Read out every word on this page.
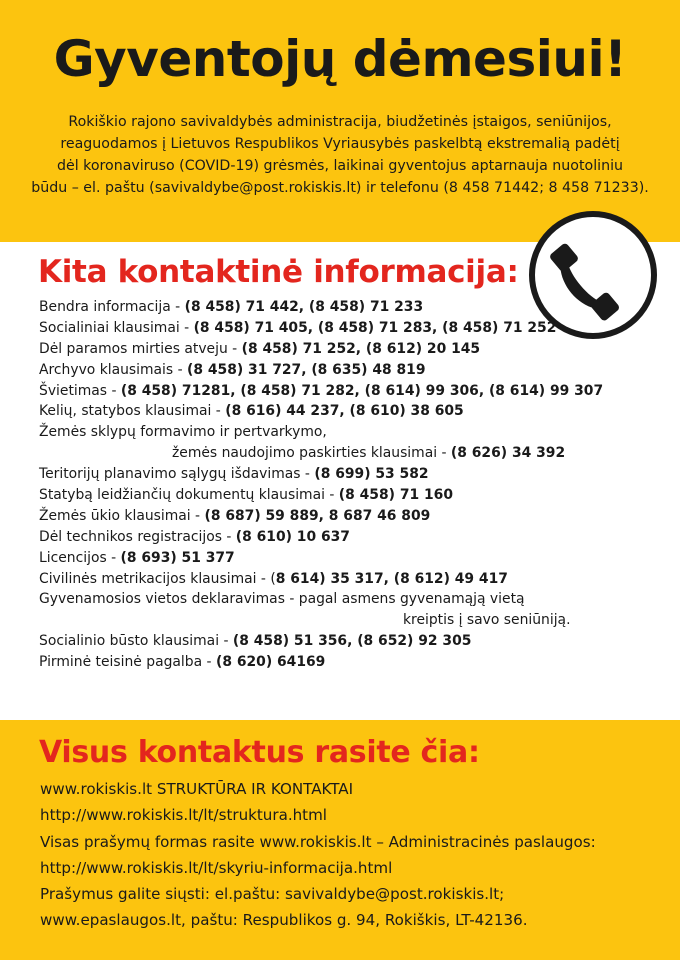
Gyventojų dėmesiui!
Rokiškio rajono savivaldybės administracija, biudžetinės įstaigos, seniūnijos,
reaguodamos į Lietuvos Respublikos Vyriausybės paskelbtą ekstremalią padėtį
dėl koronaviruso (COVID-19) grėsmės, laikinai gyventojus aptarnauja nuotoliniu
būdu – el. paštu (savivaldybe@post.rokiskis.lt) ir telefonu (8 458 71442; 8 458 71233).
Kita kontaktinė informacija:
Bendra informacija - (8 458) 71 442, (8 458) 71 233
Socialiniai klausimai - (8 458) 71 405, (8 458) 71 283, (8 458) 71 252
Dėl paramos mirties atveju - (8 458) 71 252, (8 612) 20 145
Archyvo klausimais - (8 458) 31 727, (8 635) 48 819
Švietimas - (8 458) 71281, (8 458) 71 282, (8 614) 99 306, (8 614) 99 307
Kelių, statybos klausimai - (8 616) 44 237, (8 610) 38 605
Žemės sklypų formavimo ir pertvarkymo,
žemės naudojimo paskirties klausimai - (8 626) 34 392
Teritorijų planavimo sąlygų išdavimas - (8 699) 53 582
Statybą leidžiančių dokumentų klausimai - (8 458) 71 160
Žemės ūkio klausimai - (8 687) 59 889, 8 687 46 809
Dėl technikos registracijos - (8 610) 10 637
Licencijos - (8 693) 51 377
Civilinės metrikacijos klausimai - (8 614) 35 317, (8 612) 49 417
Gyvenamosios vietos deklaravimas - pagal asmens gyvenamąją vietą
kreiptis į savo seniūniją.
Socialinio būsto klausimai - (8 458) 51 356, (8 652) 92 305
Pirminė teisinė pagalba - (8 620) 64169
Visus kontaktus rasite čia:
www.rokiskis.lt STRUKTŪRA IR KONTAKTAI
http://www.rokiskis.lt/lt/struktura.html
Visas prašymų formas rasite www.rokiskis.lt – Administracinės paslaugos:
http://www.rokiskis.lt/lt/skyriu-informacija.html
Prašymus galite siųsti: el.paštu: savivaldybe@post.rokiskis.lt;
www.epaslaugos.lt, paštu: Respublikos g. 94, Rokiškis, LT-42136.
